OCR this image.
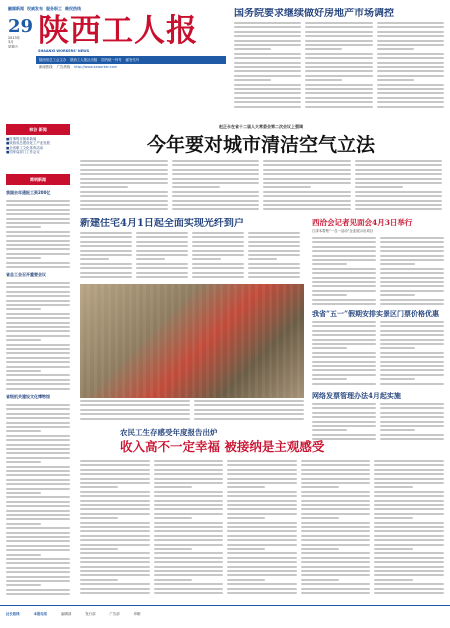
融媒新闻 权威发布 服务职工 维权热线
29
2013年
3月
星期五 陕西工人报
SHAANXI WORKERS' NEWS
陕西省总工会主办 陕西工人报社出版 国内统一刊号 邮发代号
新闻热线 广告热线 http://www.sxworker.com
国务院要求继续做好房地产市场调控
林谷 新闻
■时事短评简单新闻
■陕西省总建设化工产业发展
■全省职工文化体育活动
■国家局部门工作会议
简明新闻
我国去年通报工资200亿
省总工会召开重要会议
省级机关建设文化博物馆
赵正永在省十二届人大常委会第二次会议上强调
今年要对城市清洁空气立法
新建住宅4月1日起全面实现光纤到户	西洽会记者见面会4月3日举行
江泽本将察“一含一活动”企业展示出项目
我省“五一”假期安排实景区门票价格优惠
网络发票管理办法4月起实施
农民工生存感受年度报告出炉
收入高不一定幸福 被接纳是主观感受
社长热线	本报电话	编辑部	发行部	广告部	印刷
